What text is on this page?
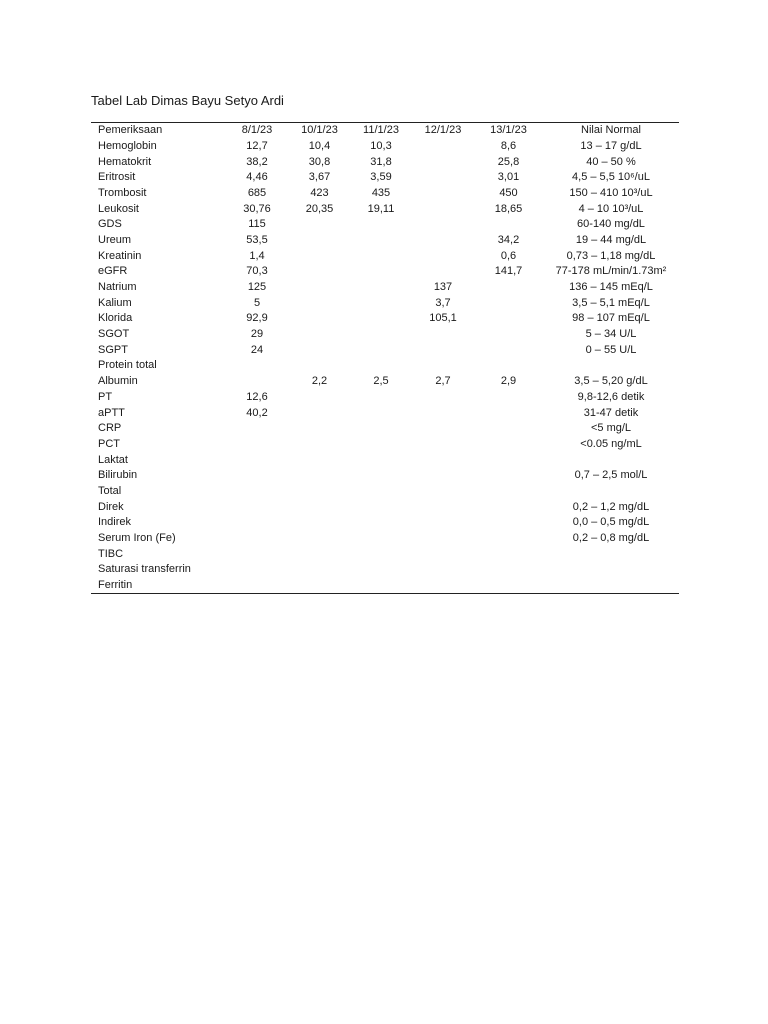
Tabel Lab Dimas Bayu Setyo Ardi
Pemeriksaan	8/1/23	10/1/23	11/1/23	12/1/23	13/1/23	Nilai Normal
Hemoglobin	12,7	10,4	10,3		8,6	13 – 17 g/dL
Hematokrit	38,2	30,8	31,8		25,8	40 – 50 %
Eritrosit	4,46	3,67	3,59		3,01	4,5 – 5,5 10⁶/uL
Trombosit	685	423	435		450	150 – 410 10³/uL
Leukosit	30,76	20,35	19,11		18,65	4 – 10 10³/uL
GDS	115					60-140 mg/dL
Ureum	53,5				34,2	19 – 44 mg/dL
Kreatinin	1,4				0,6	0,73 – 1,18 mg/dL
eGFR	70,3				141,7	77-178 mL/min/1.73m²
Natrium	125			137		136 – 145 mEq/L
Kalium	5			3,7		3,5 – 5,1 mEq/L
Klorida	92,9			105,1		98 – 107 mEq/L
SGOT	29					5 – 34 U/L
SGPT	24					0 – 55 U/L
Protein total						
Albumin		2,2	2,5	2,7	2,9	3,5 – 5,20 g/dL
PT	12,6					9,8-12,6 detik
aPTT	40,2					31-47 detik
CRP						<5 mg/L
PCT						<0.05 ng/mL
Laktat						
Bilirubin						0,7 – 2,5 mol/L
Total						
Direk						0,2 – 1,2 mg/dL
Indirek						0,0 – 0,5 mg/dL
Serum Iron (Fe)						0,2 – 0,8 mg/dL
TIBC						
Saturasi transferrin						
Ferritin						
